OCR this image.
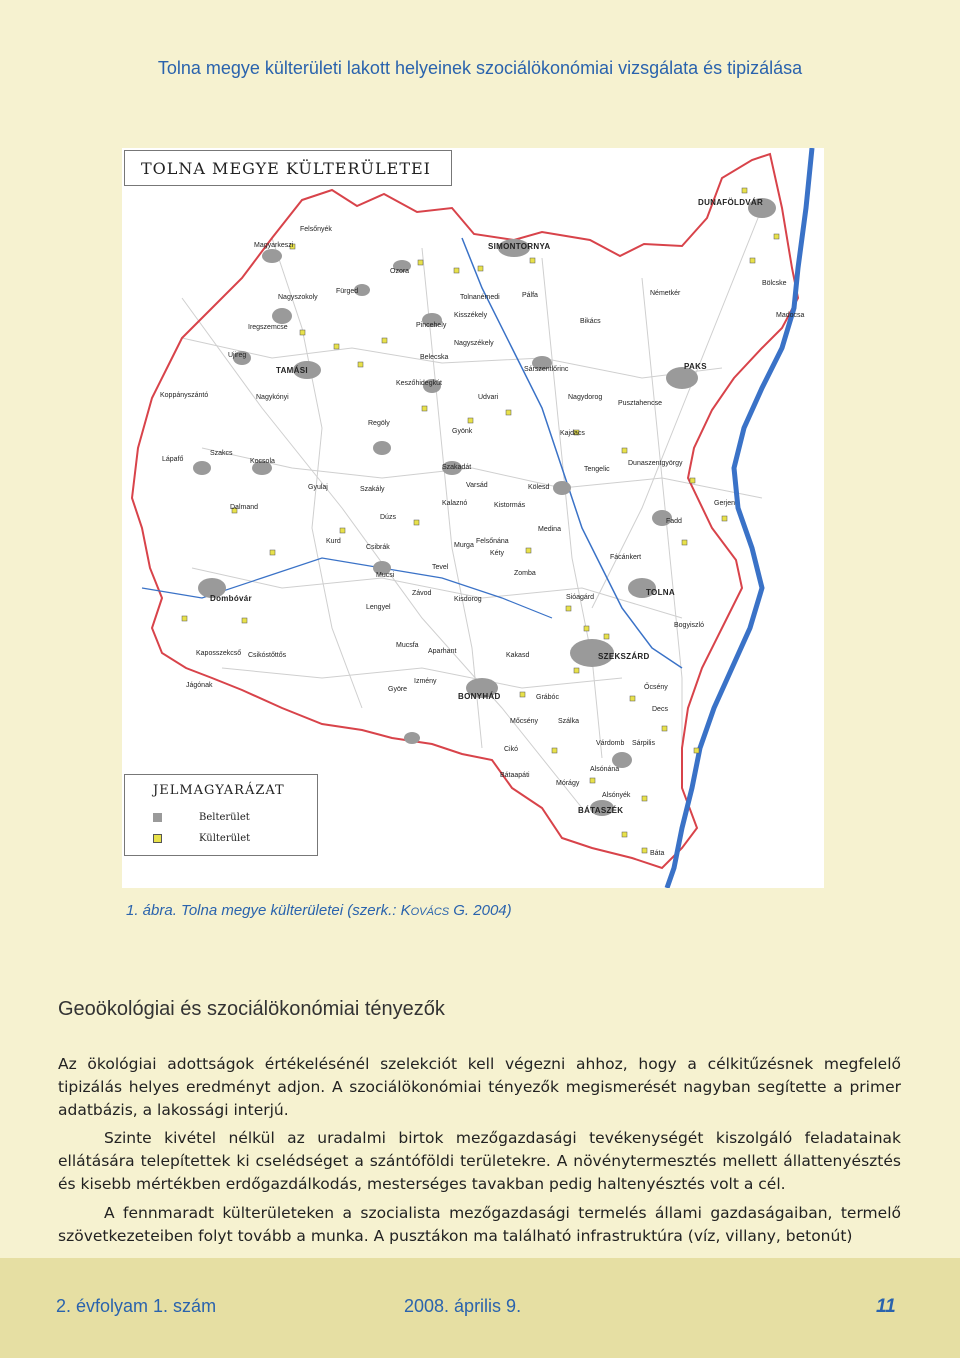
Tolna megye külterületi lakott helyeinek szociálökonómiai vizsgálata és tipizálása
TOLNA MEGYE KÜLTERÜLETEI
Felsőnyék
Magyarkeszi
Ozora
SIMONTORNYA
Nagyszokoly
Fürged
Pincehely
Iregszemcse
Belecska
Kisszékely
Tolnanémedi	Pálfa
Bikács
Ujireg
TAMÁSI
Keszőhidegkút
Sárszentlőrinc
Gyönk
Nagyszékely
Nagykónyi
Koppányszántó
Regöly
Szakály
Udvari
Kajdacs
Nagydorog
PAKS
Pusztahencse
Lápafő
Szakcs
Kocsola
Dúzs
Szakadát
Varsád
Kalaznó
Dalmand
Gyulaj
Kurd
Kistormás
Kölesd
Medina
Tengelic
Dunaszentgyörgy
Fadd
Gerjen
Dombóvár
Csibrák	Murga
Kéty
Felsőnána
Zomba
Mucsi
Tevel
Fácánkert
TOLNA
Bogyiszló
Lengyel
Závod
Kisdorog	Sióagárd
Kaposszekcső Csikóstőttős
Jágónak
Mucsfa
Aparhant
Kakasd	SZEKSZÁRD
Izmény
BONYHÁD
Györe
Grábóc
Őcsény
Decs
Mőcsény	Szálka
Alsónyék
Báta
BÁTASZÉK
Várdomb Sárpilis
Mórágy
Cikó
Bátaapáti
Alsónána
DUNAFÖLDVÁR
Bölcske
Madocsa
Németkér
JELMAGYARÁZAT
Belterület
Külterület
1. ábra. Tolna megye külterületei (szerk.: Kovács G. 2004)
Geoökológiai és szociálökonómiai tényezők
Az ökológiai adottságok értékelésénél szelekciót kell végezni ahhoz, hogy a célkitűzésnek megfelelő tipizálás helyes eredményt adjon. A szociálökonómiai tényezők megismerését nagyban segítette a primer adatbázis, a lakossági interjú.
Szinte kivétel nélkül az uradalmi birtok mezőgazdasági tevékenységét kiszolgáló feladatainak ellátására telepítettek ki cselédséget a szántóföldi területekre. A növénytermesztés mellett állattenyésztés és kisebb mértékben erdőgazdálkodás, mesterséges tavakban pedig haltenyésztés volt a cél.
A fennmaradt külterületeken a szocialista mezőgazdasági termelés állami gazdaságaiban, termelő szövetkezeteiben folyt tovább a munka. A pusztákon ma található infrastruktúra (víz, villany, betonút)
2. évfolyam 1. szám	2008. április 9.	11
